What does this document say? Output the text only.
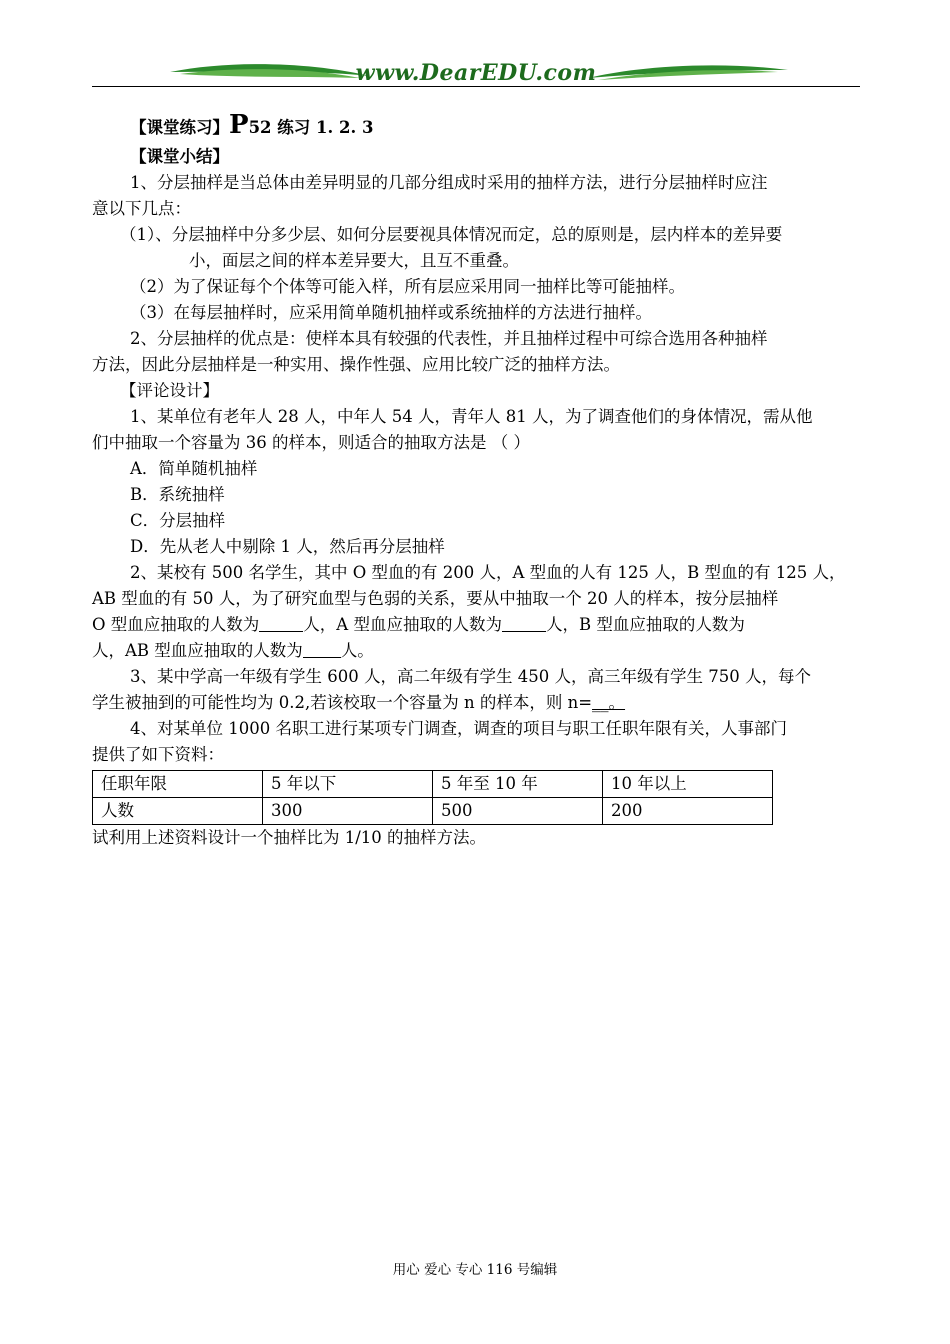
www.DearEDU.com
【课堂练习】P52 练习 1. 2. 3
【课堂小结】
1、分层抽样是当总体由差异明显的几部分组成时采用的抽样方法，进行分层抽样时应注
意以下几点：
（1）、分层抽样中分多少层、如何分层要视具体情况而定，总的原则是，层内样本的差异要
小，面层之间的样本差异要大，且互不重叠。
（2）为了保证每个个体等可能入样，所有层应采用同一抽样比等可能抽样。
（3）在每层抽样时，应采用简单随机抽样或系统抽样的方法进行抽样。
2、分层抽样的优点是：使样本具有较强的代表性，并且抽样过程中可综合选用各种抽样
方法，因此分层抽样是一种实用、操作性强、应用比较广泛的抽样方法。
【评论设计】
1、某单位有老年人 28 人，中年人 54 人，青年人 81 人，为了调查他们的身体情况，需从他
们中抽取一个容量为 36 的样本，则适合的抽取方法是 （ ）
A．简单随机抽样
B．系统抽样
C．分层抽样
D．先从老人中剔除 1 人，然后再分层抽样
2、某校有 500 名学生，其中 O 型血的有 200 人，A 型血的人有 125 人，B 型血的有 125 人，
AB 型血的有 50 人，为了研究血型与色弱的关系，要从中抽取一个 20 人的样本，按分层抽样
O 型血应抽取的人数为	人，A 型血应抽取的人数为	人，B 型血应抽取的人数为
人，AB 型血应抽取的人数为 人。
3、某中学高一年级有学生 600 人，高二年级有学生 450 人，高三年级有学生 750 人，每个
学生被抽到的可能性均为 0.2,若该校取一个容量为 n 的样本，则 n=__。
4、对某单位 1000 名职工进行某项专门调查，调查的项目与职工任职年限有关，人事部门
提供了如下资料：
任职年限	5 年以下	5 年至 10 年	10 年以上
人数	300	500	200
试利用上述资料设计一个抽样比为 1/10 的抽样方法。
用心 爱心 专心 116 号编辑
